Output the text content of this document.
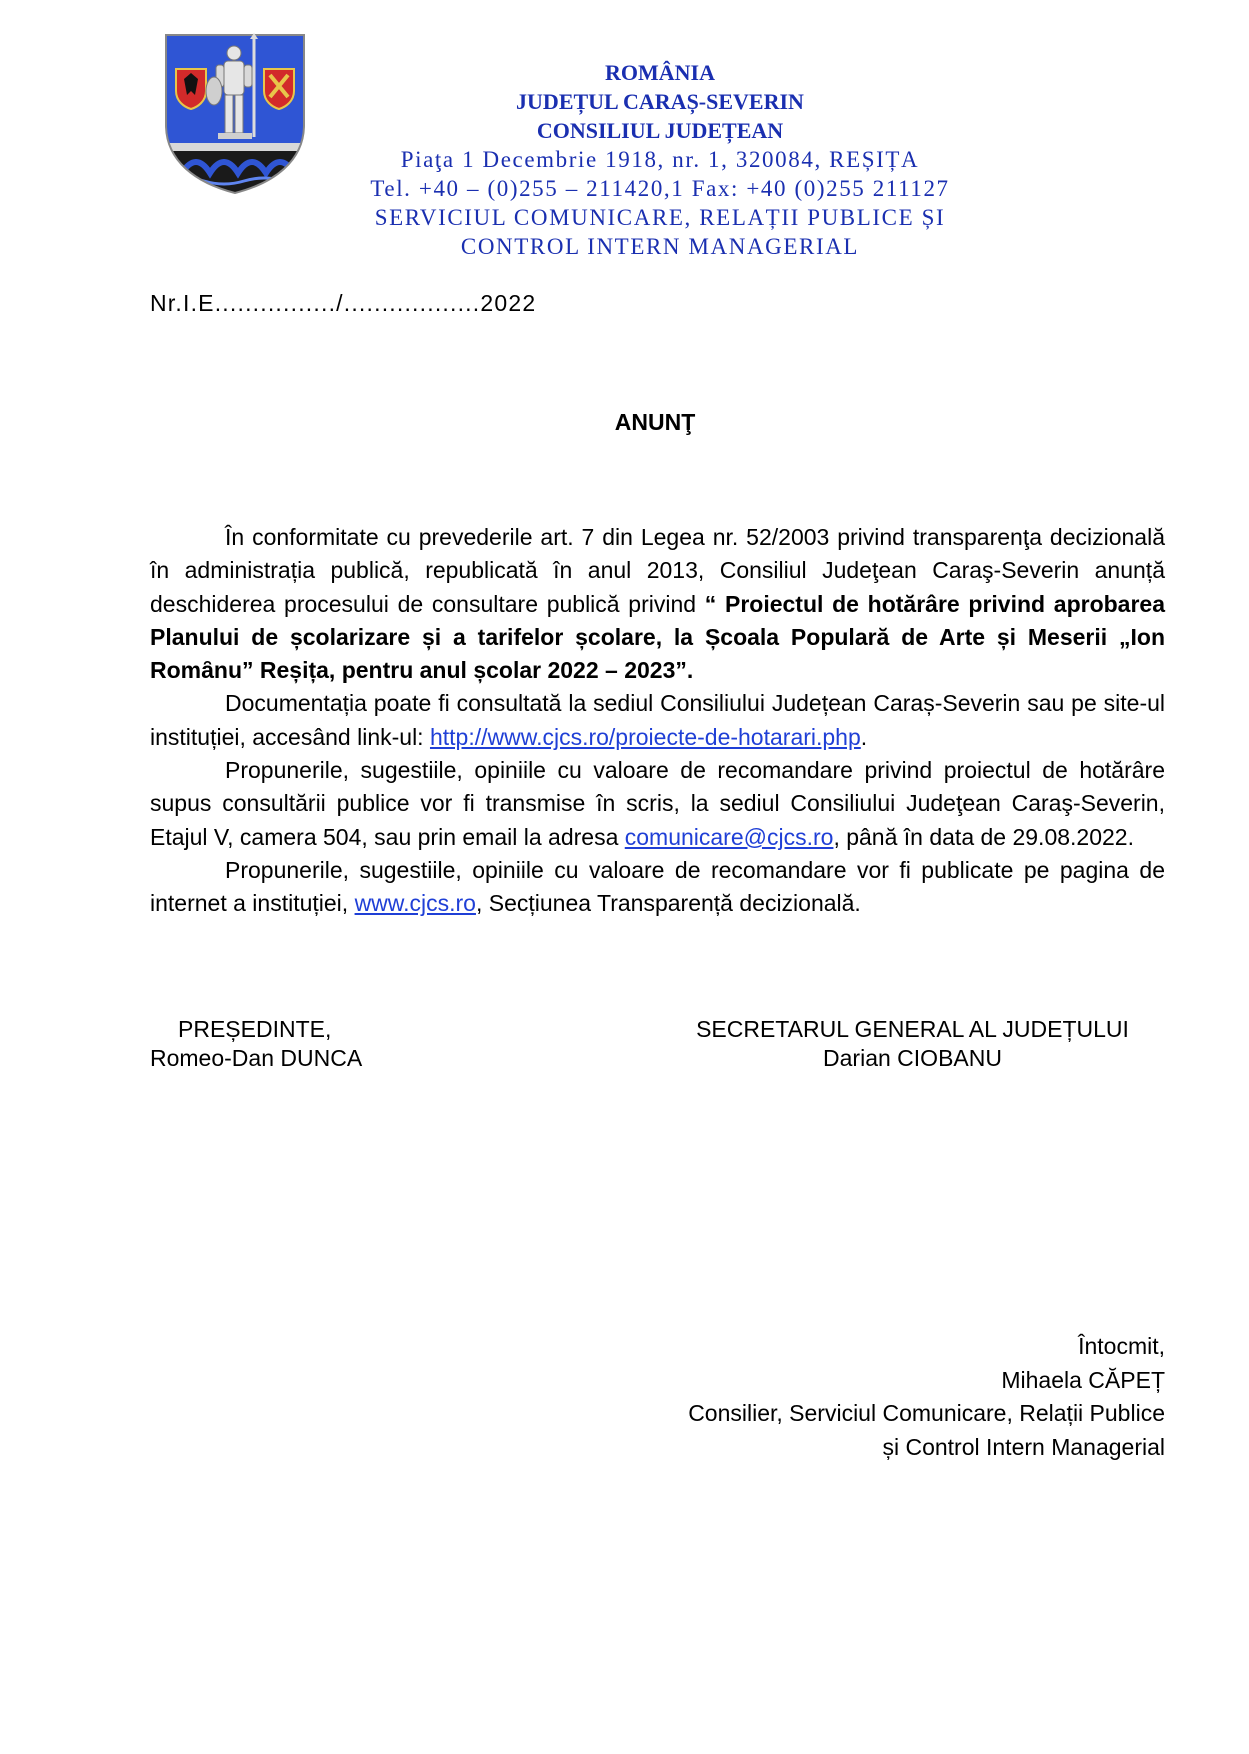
ROMÂNIA
JUDEȚUL CARAȘ-SEVERIN
CONSILIUL JUDEȚEAN
Piaţa 1 Decembrie 1918, nr. 1, 320084, REȘIȚA
Tel. +40 – (0)255 – 211420,1 Fax: +40 (0)255 211127
SERVICIUL COMUNICARE, RELAȚII PUBLICE ȘI
CONTROL INTERN MANAGERIAL
Nr.I.E................/..................2022
ANUNŢ

În conformitate cu prevederile art. 7 din Legea nr. 52/2003 privind transparenţa decizională în administrația publică, republicată în anul 2013, Consiliul Judeţean Caraş-Severin anunță deschiderea procesului de consultare publică privind “ Proiectul de hotărâre privind aprobarea Planului de școlarizare și a tarifelor școlare, la Școala Populară de Arte și Meserii „Ion Romȃnu” Reșița, pentru anul școlar 2022 – 2023”.

Documentația poate fi consultată la sediul Consiliului Județean Caraș-Severin sau pe site-ul instituției, accesând link-ul: http://www.cjcs.ro/proiecte-de-hotarari.php.

Propunerile, sugestiile, opiniile cu valoare de recomandare privind proiectul de hotărâre supus consultării publice vor fi transmise în scris, la sediul Consiliului Judeţean Caraş-Severin, Etajul V, camera 504, sau prin email la adresa comunicare@cjcs.ro, până în data de 29.08.2022.

Propunerile, sugestiile, opiniile cu valoare de recomandare vor fi publicate pe pagina de internet a instituției, www.cjcs.ro, Secțiunea Transparență decizională.

PREȘEDINTE,
Romeo-Dan DUNCA
SECRETARUL GENERAL AL JUDEȚULUI
Darian CIOBANU
Întocmit,
Mihaela CĂPEȚ
Consilier, Serviciul Comunicare, Relații Publice
și Control Intern Managerial
